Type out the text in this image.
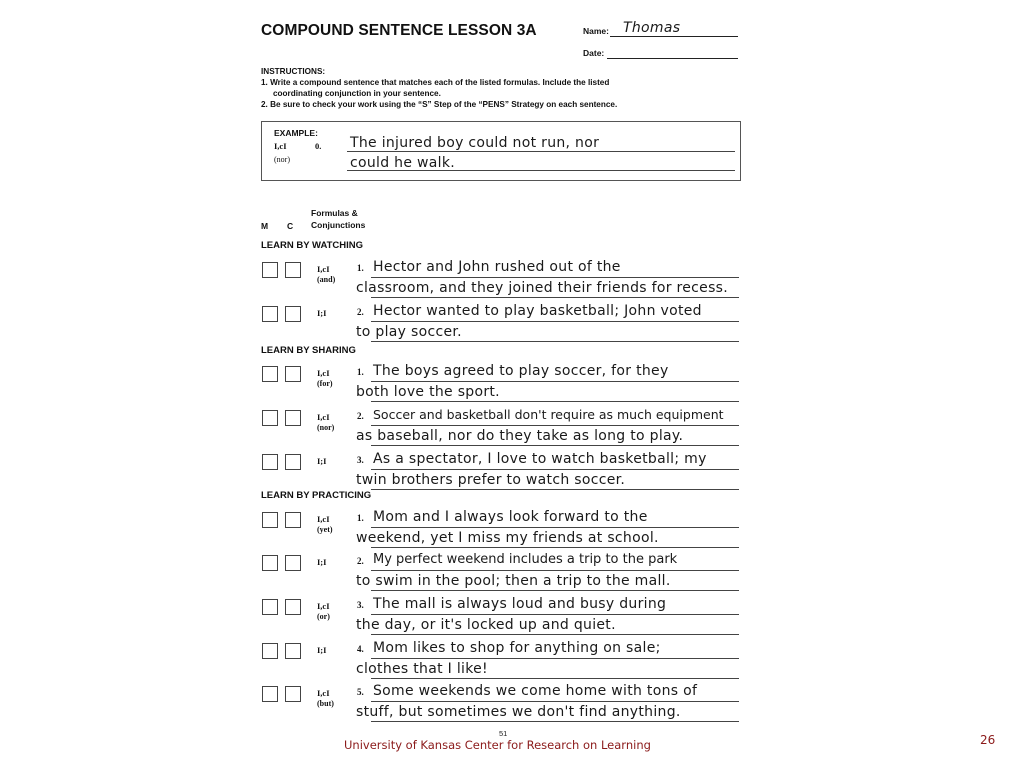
COMPOUND SENTENCE LESSON 3A	Name: Thomas
Date:
INSTRUCTIONS:
1. Write a compound sentence that matches each of the listed formulas. Include the listed
coordinating conjunction in your sentence.
2. Be sure to check your work using the “S” Step of the “PENS” Strategy on each sentence.
EXAMPLE:
I,cI	0.
(nor)
The injured boy could not run, nor
could he walk.
M C
Formulas &
Conjunctions
LEARN BY WATCHING
I,cI
(and)
1. Hector and John rushed out of the
classroom, and they joined their friends for recess.
I;I	2. Hector wanted to play basketball; John voted
to play soccer.
LEARN BY SHARING
I,cI
(for)
1. The boys agreed to play soccer, for they
both love the sport.
I,cI
(nor)
2. Soccer and basketball don't require as much equipment
as baseball, nor do they take as long to play.
I;I	3. As a spectator, I love to watch basketball; my
twin brothers prefer to watch soccer.
LEARN BY PRACTICING
I,cI
(yet)
1. Mom and I always look forward to the
weekend, yet I miss my friends at school.
I;I	2. My perfect weekend includes a trip to the park
to swim in the pool; then a trip to the mall.
I,cI
(or)
3. The mall is always loud and busy during
the day, or it's locked up and quiet.
I;I	4. Mom likes to shop for anything on sale;
clothes that I like!
I,cI
(but)
5. Some weekends we come home with tons of
stuff, but sometimes we don't find anything.
51
University of Kansas Center for Research on Learning	26
